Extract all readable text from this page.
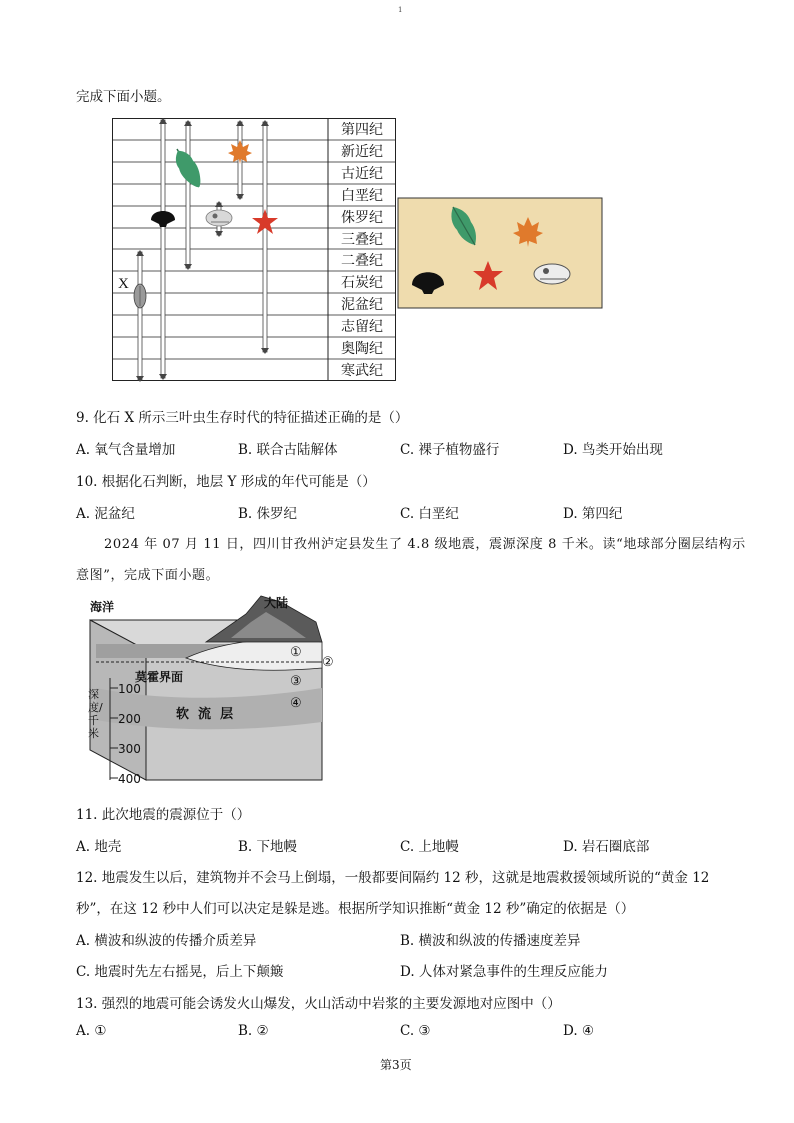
1
完成下面小题。
X
第四纪
新近纪
古近纪
白垩纪
侏罗纪
三叠纪
二叠纪
石炭纪
泥盆纪
志留纪
奥陶纪
寒武纪
9. 化石 X 所示三叶虫生存时代的特征描述正确的是（）
A. 氧气含量增加	B. 联合古陆解体	C. 裸子植物盛行	D. 鸟类开始出现
10. 根据化石判断，地层 Y 形成的年代可能是（）
A. 泥盆纪	B. 侏罗纪	C. 白垩纪	D. 第四纪
2024 年 07 月 11 日，四川甘孜州泸定县发生了 4.8 级地震，震源深度 8 千米。读“地球部分圈层结构示
意图”，完成下面小题。
海洋	大陆
莫霍界面
软  流  层
深度/千米
100
200
300
400
①
②
③
④
11. 此次地震的震源位于（）
A. 地壳	B. 下地幔	C. 上地幔	D. 岩石圈底部
12. 地震发生以后，建筑物并不会马上倒塌，一般都要间隔约 12 秒，这就是地震救援领域所说的“黄金 12
秒”，在这 12 秒中人们可以决定是躲是逃。根据所学知识推断“黄金 12 秒”确定的依据是（）
A. 横波和纵波的传播介质差异	B. 横波和纵波的传播速度差异
C. 地震时先左右摇晃，后上下颠簸	D. 人体对紧急事件的生理反应能力
13. 强烈的地震可能会诱发火山爆发，火山活动中岩浆的主要发源地对应图中（）
A. ①	B. ②	C. ③	D. ④
第3页
